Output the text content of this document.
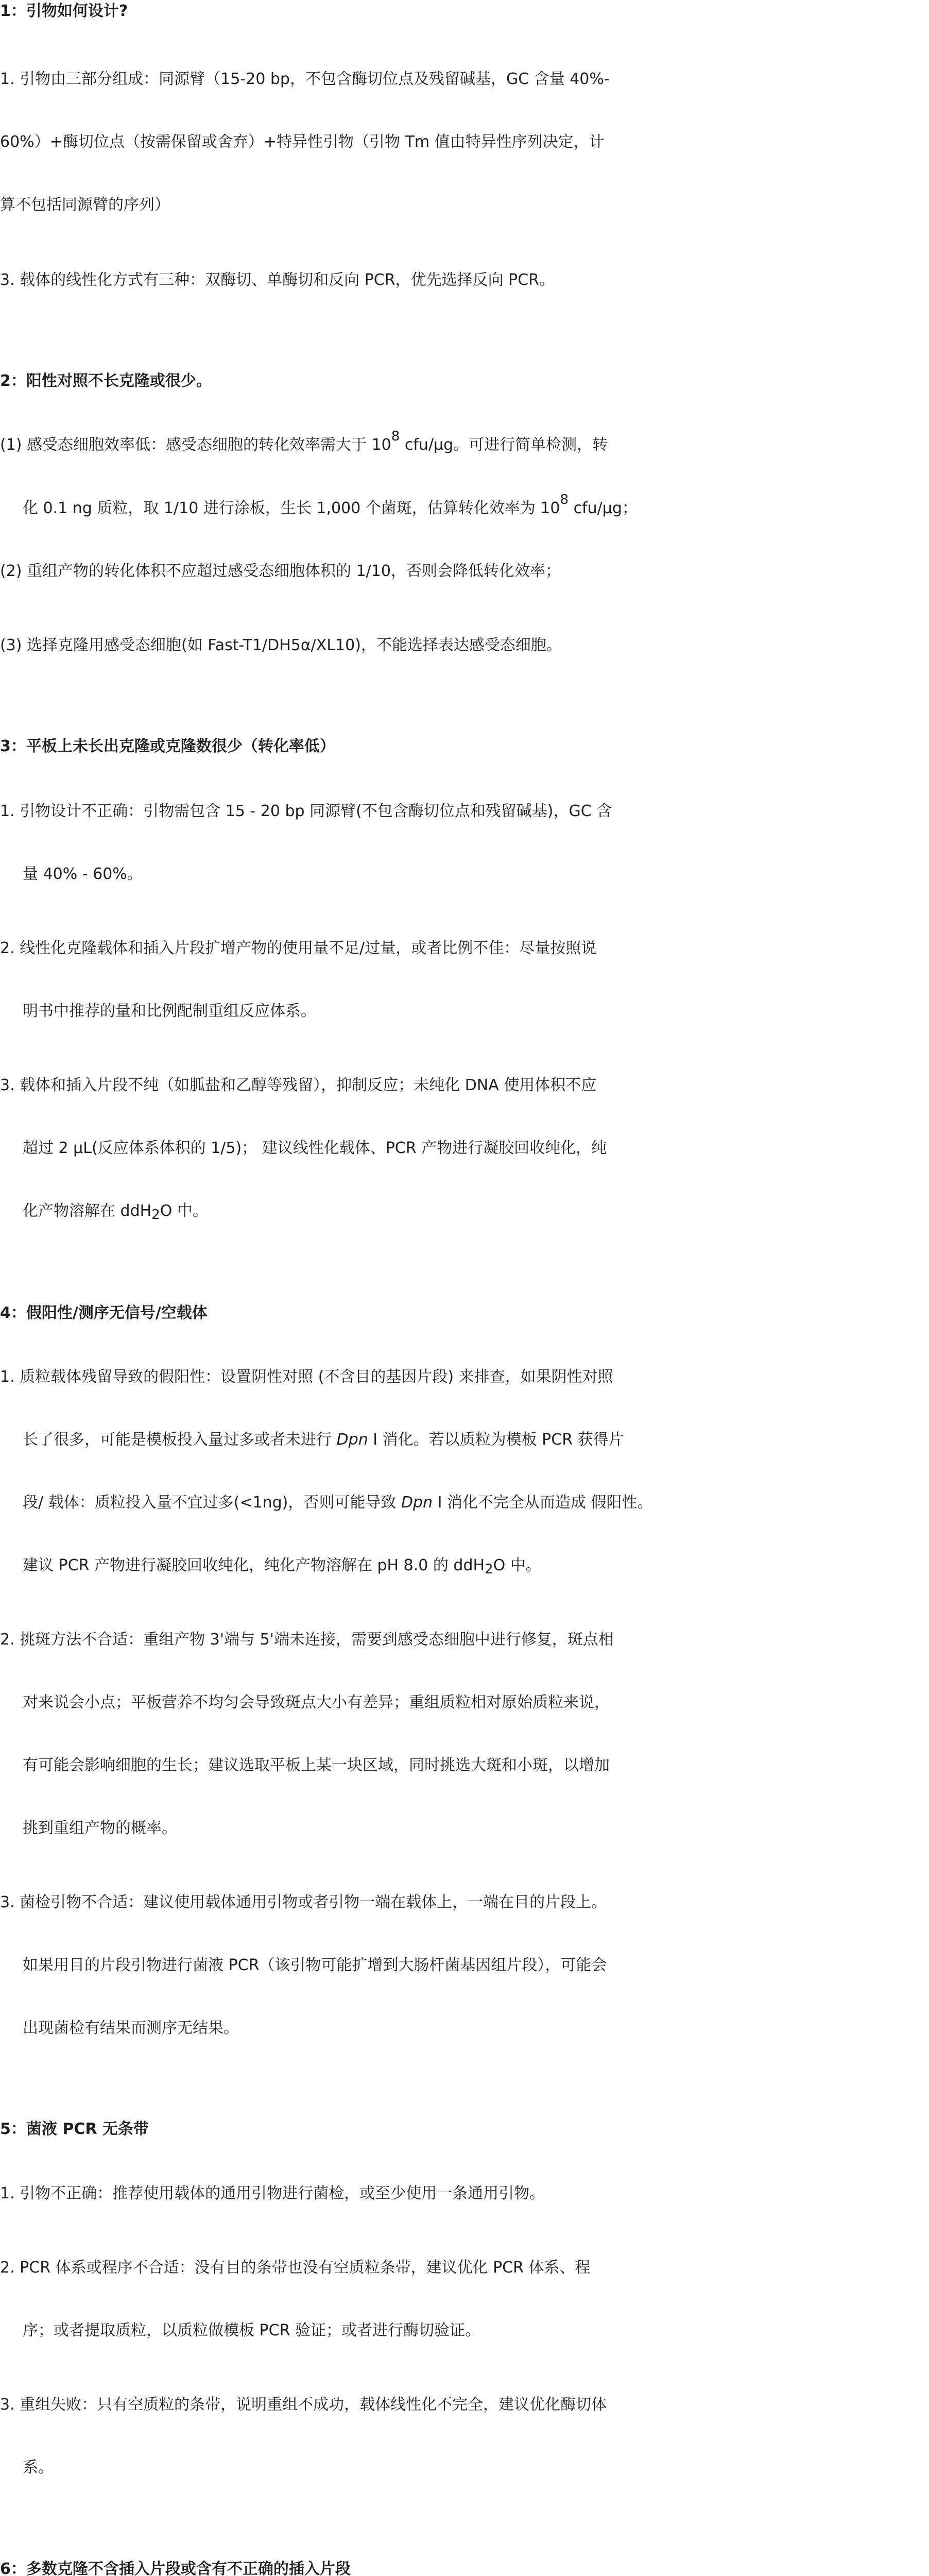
1：引物如何设计?
1. 引物由三部分组成：同源臂（15-20 bp，不包含酶切位点及残留碱基，GC 含量 40%-
60%）+酶切位点（按需保留或舍弃）+特异性引物（引物 Tm 值由特异性序列决定，计
算不包括同源臂的序列）
3. 载体的线性化方式有三种：双酶切、单酶切和反向 PCR，优先选择反向 PCR。
2：阳性对照不长克隆或很少。
(1) 感受态细胞效率低：感受态细胞的转化效率需大于 $10^8$ cfu/μg。可进行简单检测，转
化 0.1 ng 质粒，取 1/10 进行涂板，生长 1,000 个菌斑，估算转化效率为 $10^8$ cfu/μg；
(2) 重组产物的转化体积不应超过感受态细胞体积的 1/10，否则会降低转化效率；
(3) 选择克隆用感受态细胞(如 Fast-T1/DH5α/XL10)，不能选择表达感受态细胞。
3：平板上未长出克隆或克隆数很少（转化率低）
1. 引物设计不正确：引物需包含 15 - 20 bp 同源臂(不包含酶切位点和残留碱基)，GC 含
量 40% - 60%。
2. 线性化克隆载体和插入片段扩增产物的使用量不足/过量，或者比例不佳：尽量按照说
明书中推荐的量和比例配制重组反应体系。
3. 载体和插入片段不纯（如胍盐和乙醇等残留），抑制反应；未纯化 DNA 使用体积不应
超过 2 μL(反应体系体积的 1/5)； 建议线性化载体、PCR 产物进行凝胶回收纯化，纯
化产物溶解在 ddH$_2$O 中。
4：假阳性/测序无信号/空载体
1. 质粒载体残留导致的假阳性：设置阴性对照 (不含目的基因片段) 来排查，如果阴性对照
长了很多，可能是模板投入量过多或者未进行 Dpn I 消化。若以质粒为模板 PCR 获得片
段/ 载体：质粒投入量不宜过多(<1ng)，否则可能导致 Dpn I 消化不完全从而造成 假阳性。
建议 PCR 产物进行凝胶回收纯化，纯化产物溶解在 pH 8.0 的 ddH$_2$O 中。
2. 挑斑方法不合适：重组产物 3'端与 5'端未连接，需要到感受态细胞中进行修复，斑点相
对来说会小点；平板营养不均匀会导致斑点大小有差异；重组质粒相对原始质粒来说，
有可能会影响细胞的生长；建议选取平板上某一块区域，同时挑选大斑和小斑，以增加
挑到重组产物的概率。
3. 菌检引物不合适：建议使用载体通用引物或者引物一端在载体上，一端在目的片段上。
如果用目的片段引物进行菌液 PCR（该引物可能扩增到大肠杆菌基因组片段），可能会
出现菌检有结果而测序无结果。
5：菌液 PCR 无条带
1. 引物不正确：推荐使用载体的通用引物进行菌检，或至少使用一条通用引物。
2. PCR 体系或程序不合适：没有目的条带也没有空质粒条带，建议优化 PCR 体系、程
序；或者提取质粒，以质粒做模板 PCR 验证；或者进行酶切验证。
3. 重组失败：只有空质粒的条带，说明重组不成功，载体线性化不完全，建议优化酶切体
系。
6：多数克隆不含插入片段或含有不正确的插入片段
